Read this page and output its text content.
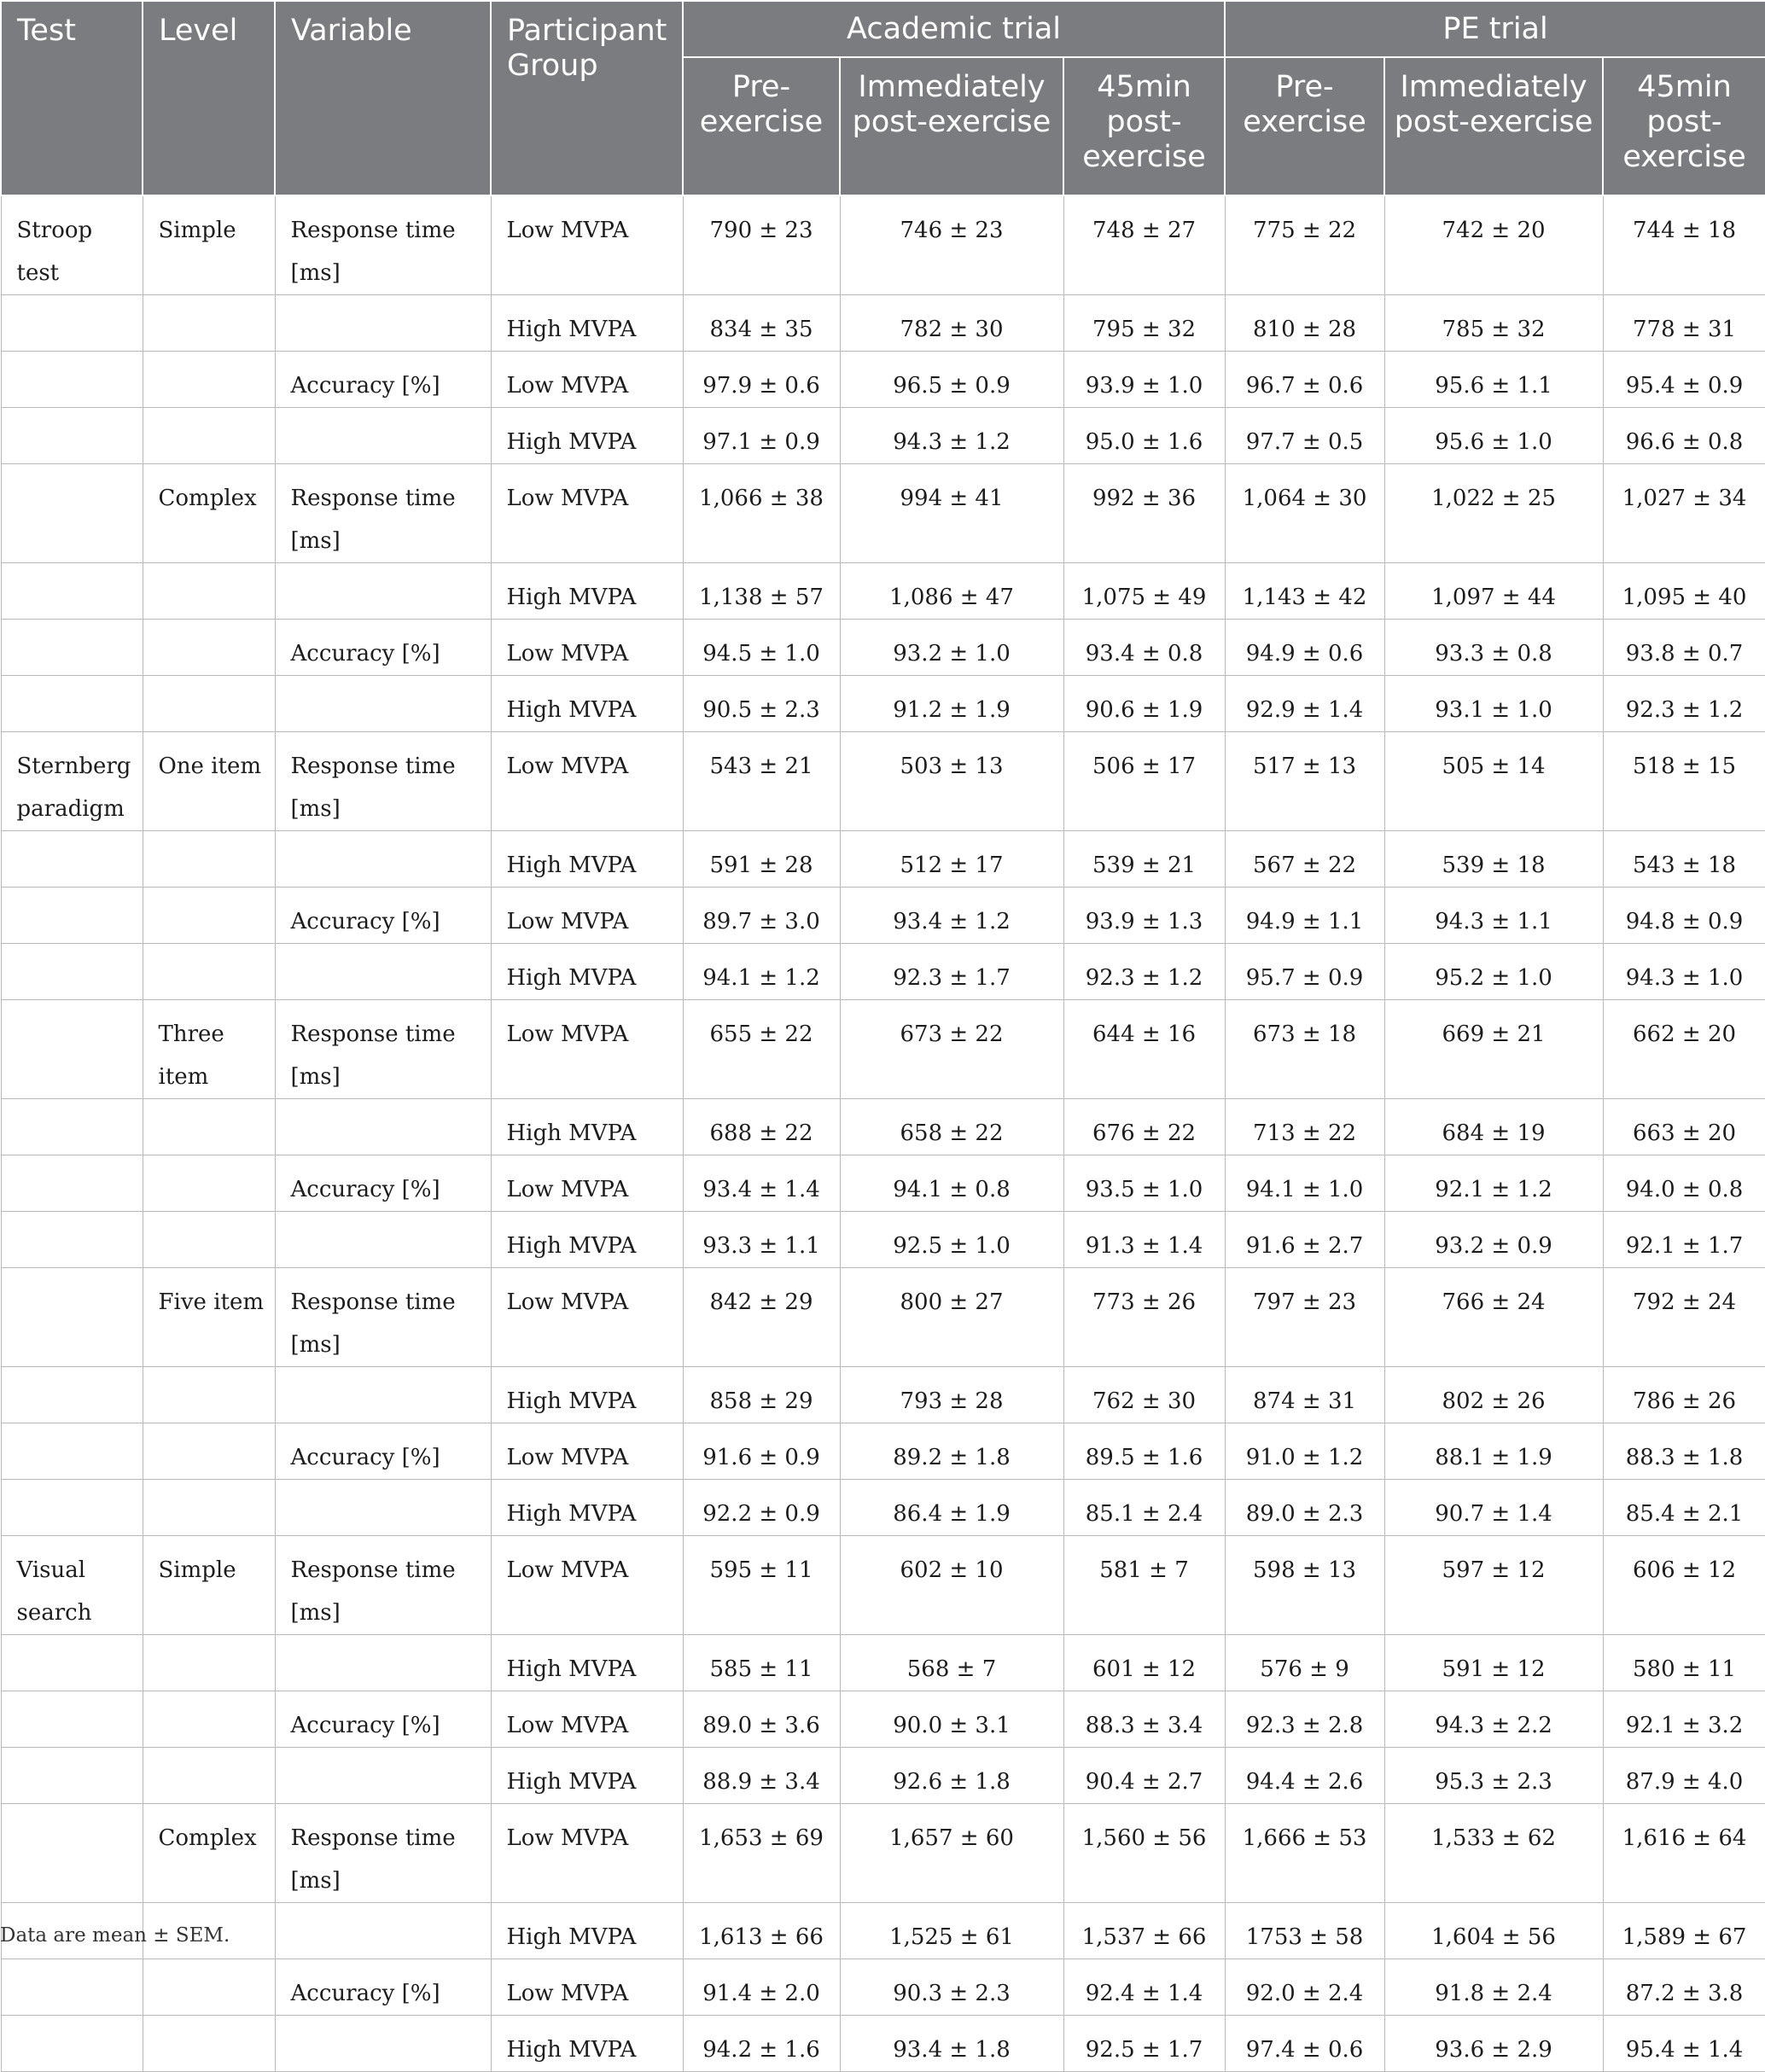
Test	Level	Variable	Participant Group	Academic trial			PE trial		
				Pre-exercise	Immediately post-exercise	45min post-exercise	Pre-exercise	Immediately post-exercise	45min post-exercise
Stroop test	Simple	Response time [ms]	Low MVPA	790 ± 23	746 ± 23	748 ± 27	775 ± 22	742 ± 20	744 ± 18
			High MVPA	834 ± 35	782 ± 30	795 ± 32	810 ± 28	785 ± 32	778 ± 31
		Accuracy [%]	Low MVPA	97.9 ± 0.6	96.5 ± 0.9	93.9 ± 1.0	96.7 ± 0.6	95.6 ± 1.1	95.4 ± 0.9
			High MVPA	97.1 ± 0.9	94.3 ± 1.2	95.0 ± 1.6	97.7 ± 0.5	95.6 ± 1.0	96.6 ± 0.8
	Complex	Response time [ms]	Low MVPA	1,066 ± 38	994 ± 41	992 ± 36	1,064 ± 30	1,022 ± 25	1,027 ± 34
			High MVPA	1,138 ± 57	1,086 ± 47	1,075 ± 49	1,143 ± 42	1,097 ± 44	1,095 ± 40
		Accuracy [%]	Low MVPA	94.5 ± 1.0	93.2 ± 1.0	93.4 ± 0.8	94.9 ± 0.6	93.3 ± 0.8	93.8 ± 0.7
			High MVPA	90.5 ± 2.3	91.2 ± 1.9	90.6 ± 1.9	92.9 ± 1.4	93.1 ± 1.0	92.3 ± 1.2
Sternberg paradigm	One item	Response time [ms]	Low MVPA	543 ± 21	503 ± 13	506 ± 17	517 ± 13	505 ± 14	518 ± 15
			High MVPA	591 ± 28	512 ± 17	539 ± 21	567 ± 22	539 ± 18	543 ± 18
		Accuracy [%]	Low MVPA	89.7 ± 3.0	93.4 ± 1.2	93.9 ± 1.3	94.9 ± 1.1	94.3 ± 1.1	94.8 ± 0.9
			High MVPA	94.1 ± 1.2	92.3 ± 1.7	92.3 ± 1.2	95.7 ± 0.9	95.2 ± 1.0	94.3 ± 1.0
	Three item	Response time [ms]	Low MVPA	655 ± 22	673 ± 22	644 ± 16	673 ± 18	669 ± 21	662 ± 20
			High MVPA	688 ± 22	658 ± 22	676 ± 22	713 ± 22	684 ± 19	663 ± 20
		Accuracy [%]	Low MVPA	93.4 ± 1.4	94.1 ± 0.8	93.5 ± 1.0	94.1 ± 1.0	92.1 ± 1.2	94.0 ± 0.8
			High MVPA	93.3 ± 1.1	92.5 ± 1.0	91.3 ± 1.4	91.6 ± 2.7	93.2 ± 0.9	92.1 ± 1.7
	Five item	Response time [ms]	Low MVPA	842 ± 29	800 ± 27	773 ± 26	797 ± 23	766 ± 24	792 ± 24
			High MVPA	858 ± 29	793 ± 28	762 ± 30	874 ± 31	802 ± 26	786 ± 26
		Accuracy [%]	Low MVPA	91.6 ± 0.9	89.2 ± 1.8	89.5 ± 1.6	91.0 ± 1.2	88.1 ± 1.9	88.3 ± 1.8
			High MVPA	92.2 ± 0.9	86.4 ± 1.9	85.1 ± 2.4	89.0 ± 2.3	90.7 ± 1.4	85.4 ± 2.1
Visual search	Simple	Response time [ms]	Low MVPA	595 ± 11	602 ± 10	581 ± 7	598 ± 13	597 ± 12	606 ± 12
			High MVPA	585 ± 11	568 ± 7	601 ± 12	576 ± 9	591 ± 12	580 ± 11
		Accuracy [%]	Low MVPA	89.0 ± 3.6	90.0 ± 3.1	88.3 ± 3.4	92.3 ± 2.8	94.3 ± 2.2	92.1 ± 3.2
			High MVPA	88.9 ± 3.4	92.6 ± 1.8	90.4 ± 2.7	94.4 ± 2.6	95.3 ± 2.3	87.9 ± 4.0
	Complex	Response time [ms]	Low MVPA	1,653 ± 69	1,657 ± 60	1,560 ± 56	1,666 ± 53	1,533 ± 62	1,616 ± 64
			High MVPA	1,613 ± 66	1,525 ± 61	1,537 ± 66	1753 ± 58	1,604 ± 56	1,589 ± 67
		Accuracy [%]	Low MVPA	91.4 ± 2.0	90.3 ± 2.3	92.4 ± 1.4	92.0 ± 2.4	91.8 ± 2.4	87.2 ± 3.8
			High MVPA	94.2 ± 1.6	93.4 ± 1.8	92.5 ± 1.7	97.4 ± 0.6	93.6 ± 2.9	95.4 ± 1.4
Data are mean ± SEM.
